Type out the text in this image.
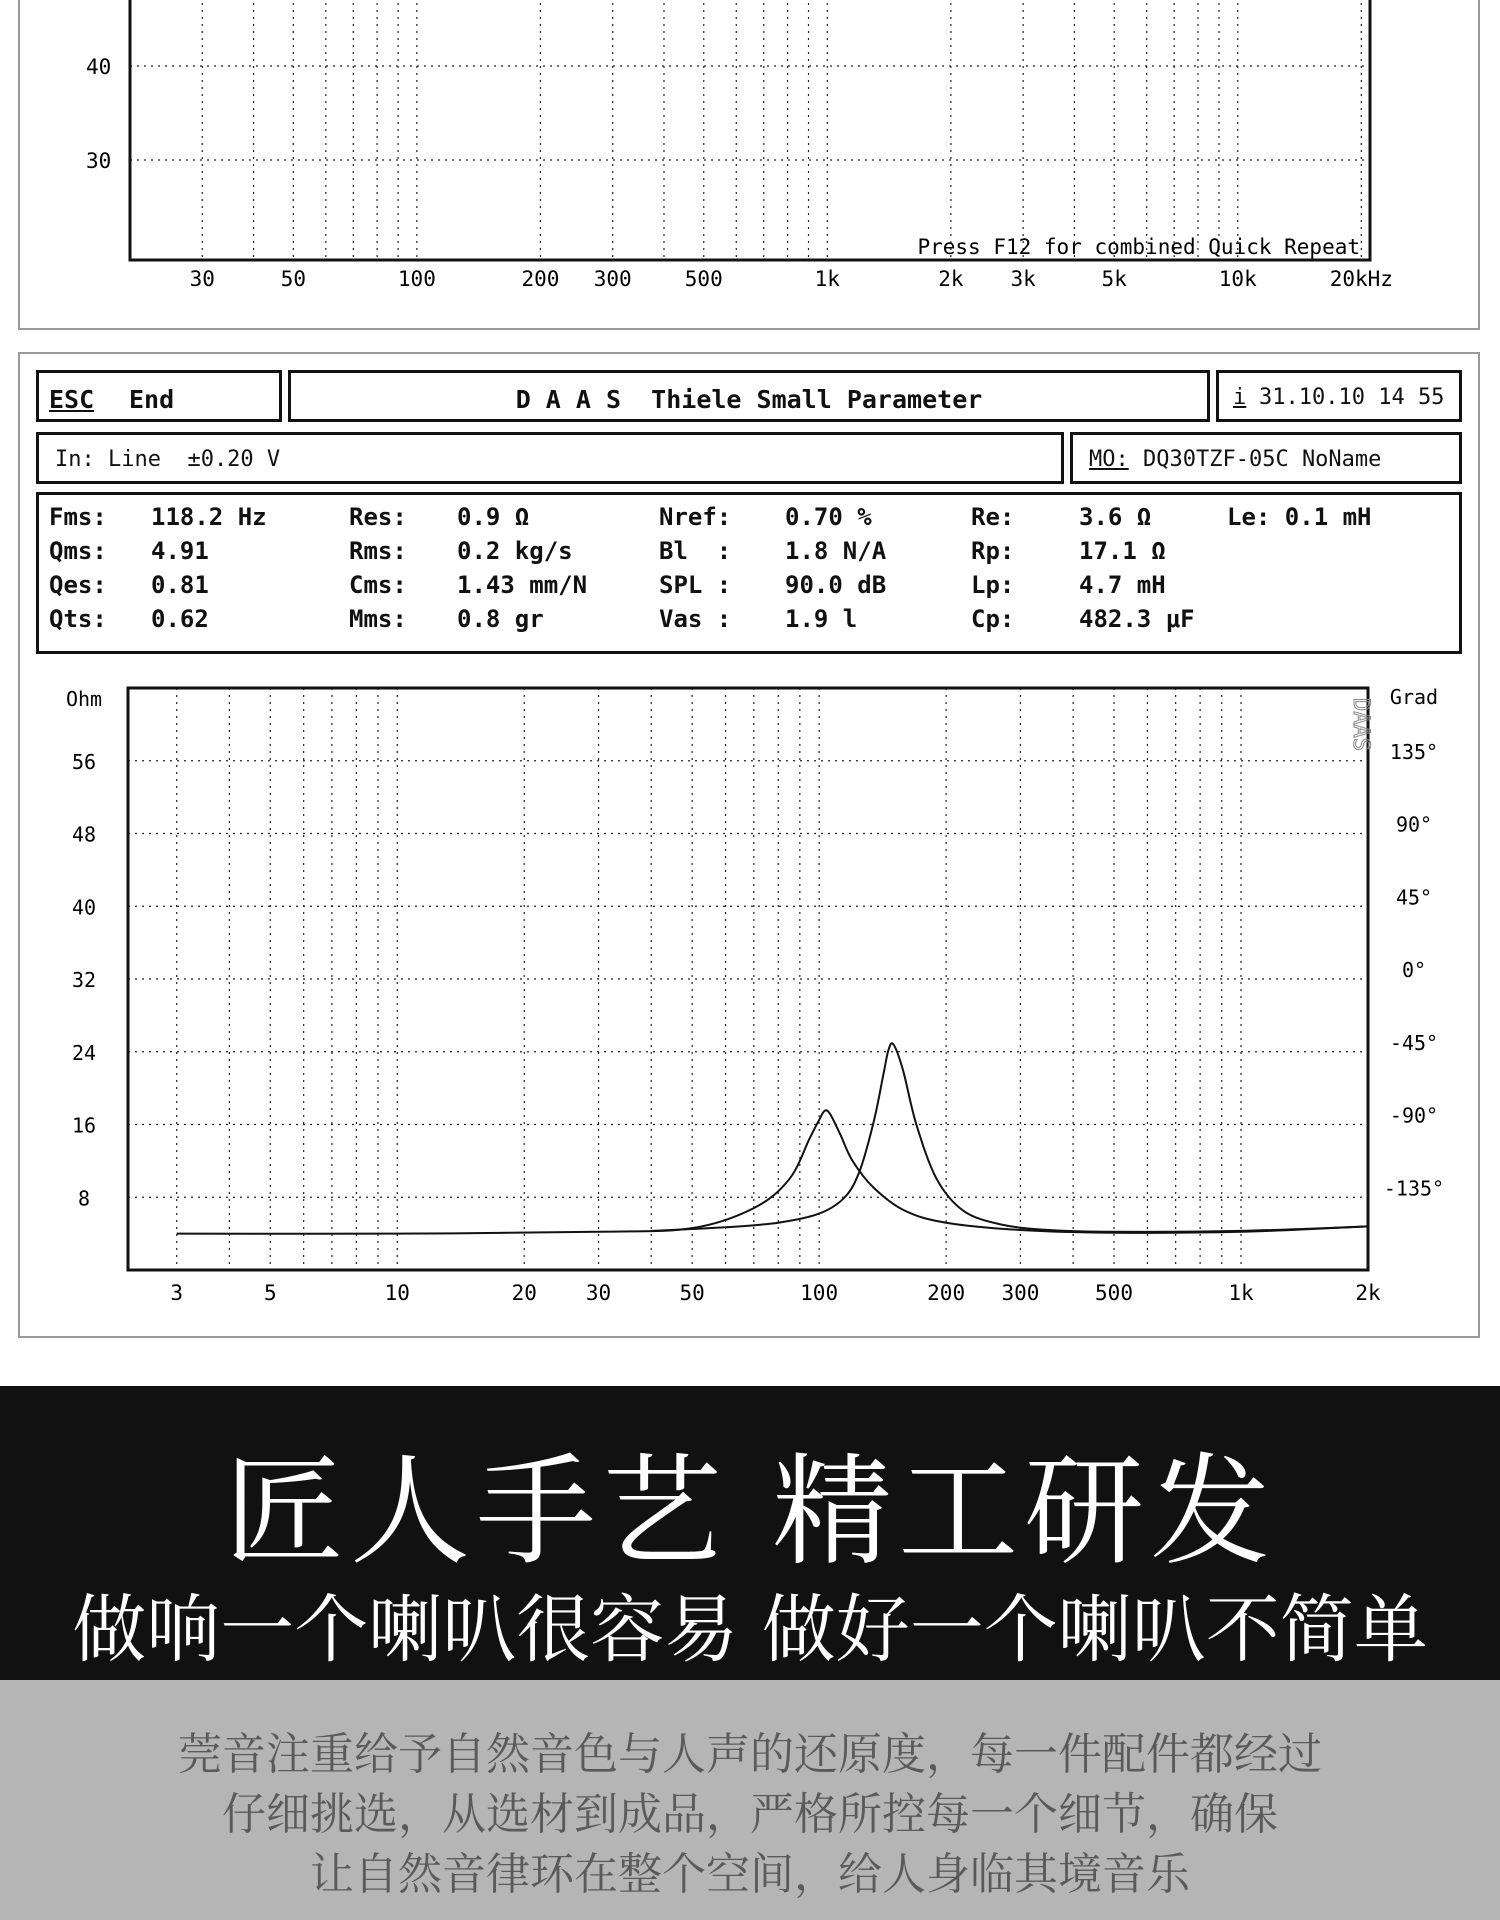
40
30
Press F12 for combined Quick Repeat
30	50	100	200 300	500	1k	2k 3k	5k	10k	20kHz
ESC End	D A A S  Thiele Small Parameter	i 31.10.10 14 55
In: Line  ±0.20 V	MO: DQ30TZF-05C NoName
Fms: 118.2 Hz	Res: 0.9 Ω	Nref: 0.70 %	Re:	3.6 Ω	Le: 0.1 mH
Qms: 4.91	Rms: 0.2 kg/s	Bl  : 1.8 N/A	Rp:	17.1 Ω
Qes: 0.81	Cms: 1.43 mm/N	SPL : 90.0 dB	Lp:	4.7 mH
Qts: 0.62	Mms: 0.8 gr	Vas : 1.9 l	Cp:	482.3 μF
Ohm
56
48
40
32
24
16
8
Grad
135°
90°
45°
0°
-45°
-90°
-135°
3	5	10	20 30	50	100	200 300	500	1k	2k
DAAS
匠人手艺 精工研发
做响一个喇叭很容易 做好一个喇叭不简单
莞音注重给予自然音色与人声的还原度，每一件配件都经过
仔细挑选，从选材到成品，严格所控每一个细节，确保
让自然音律环在整个空间，给人身临其境音乐
